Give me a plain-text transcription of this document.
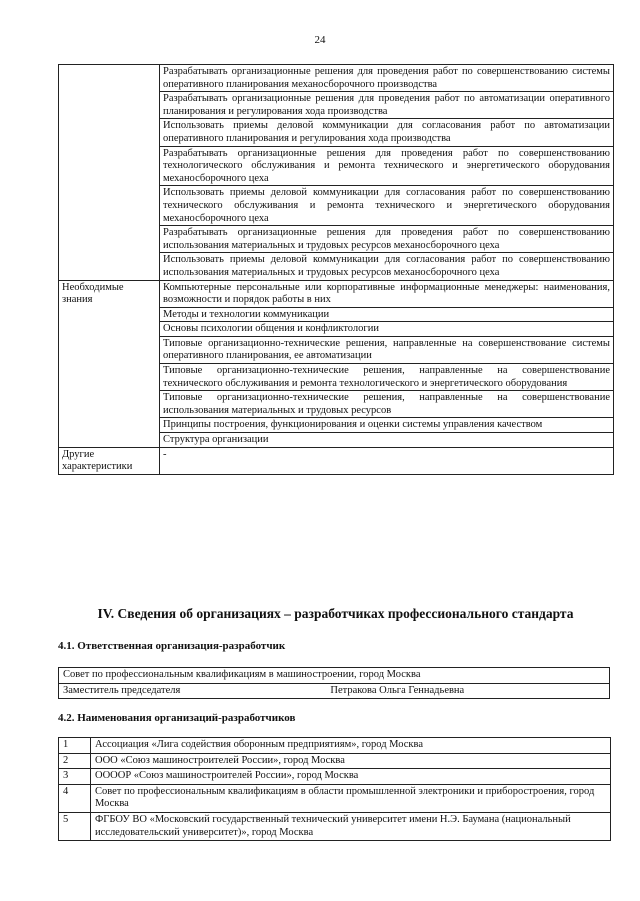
24
	Разрабатывать организационные решения для проведения работ по совершенствованию системы оперативного планирования механосборочного производства
	Разрабатывать организационные решения для проведения работ по автоматизации оперативного планирования и регулирования хода производства
	Использовать приемы деловой коммуникации для согласования работ по автоматизации оперативного планирования и регулирования хода производства
	Разрабатывать организационные решения для проведения работ по совершенствованию технологического обслуживания и ремонта технического и энергетического оборудования механосборочного цеха
	Использовать приемы деловой коммуникации для согласования работ по совершенствованию технического обслуживания и ремонта технического и энергетического оборудования механосборочного цеха
	Разрабатывать организационные решения для проведения работ по совершенствованию использования материальных и трудовых ресурсов механосборочного цеха
	Использовать приемы деловой коммуникации для согласования работ по совершенствованию использования материальных и трудовых ресурсов механосборочного цеха
Необходимые знания	Компьютерные персональные или корпоративные информационные менеджеры: наименования, возможности и порядок работы в них
	Методы и технологии коммуникации
	Основы психологии общения и конфликтологии
	Типовые организационно-технические решения, направленные на совершенствование системы оперативного планирования, ее автоматизации
	Типовые организационно-технические решения, направленные на совершенствование технического обслуживания и ремонта технологического и энергетического оборудования
	Типовые организационно-технические решения, направленные на совершенствование использования материальных и трудовых ресурсов
	Принципы построения, функционирования и оценки системы управления качеством
	Структура организации
Другие характеристики	-
IV. Сведения об организациях – разработчиках профессионального стандарта
4.1. Ответственная организация-разработчик
Совет по профессиональным квалификациям в машиностроении, город Москва
Заместитель председателя	Петракова Ольга Геннадьевна
4.2. Наименования организаций-разработчиков
1	Ассоциация «Лига содействия оборонным предприятиям», город Москва
2	ООО «Союз машиностроителей России», город Москва
3	ООООР «Союз машиностроителей России», город Москва
4	Совет по профессиональным квалификациям в области промышленной электроники и приборостроения, город Москва
5	ФГБОУ ВО «Московский государственный технический университет имени Н.Э. Баумана (национальный исследовательский университет)», город Москва
